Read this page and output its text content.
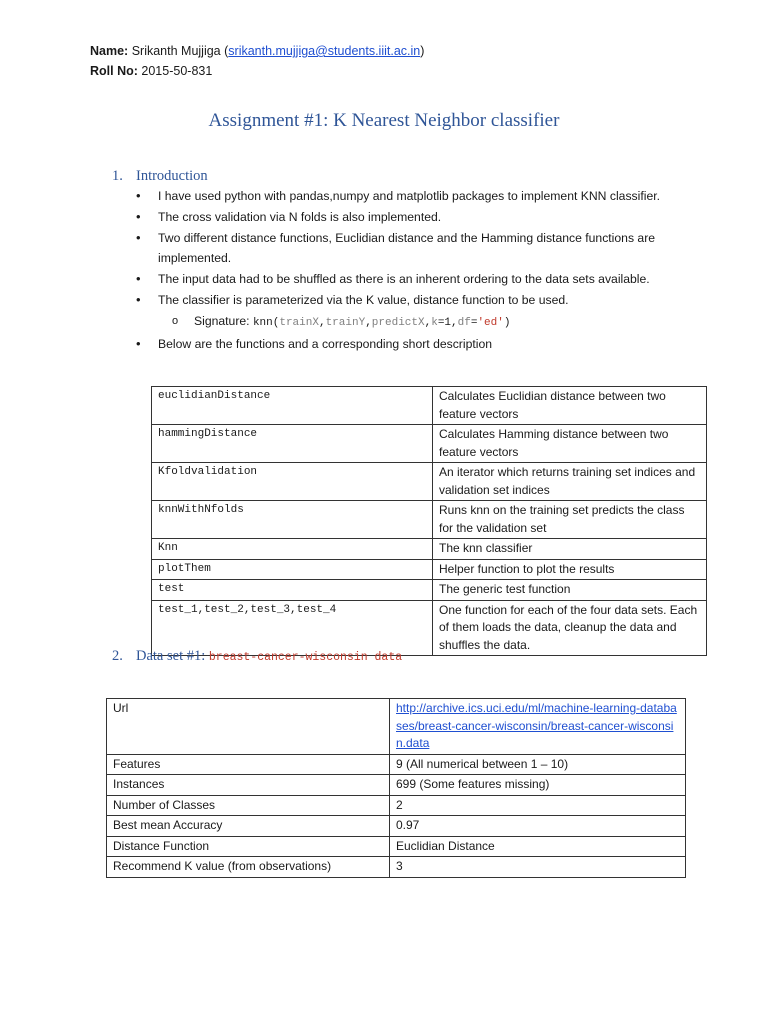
Name: Srikanth Mujjiga (srikanth.mujjiga@students.iiit.ac.in)
Roll No: 2015-50-831
Assignment #1: K Nearest Neighbor classifier
1. Introduction
• I have used python with pandas,numpy and matplotlib packages to implement KNN classifier.
• The cross validation via N folds is also implemented.
• Two different distance functions, Euclidian distance and the Hamming distance functions are implemented.
• The input data had to be shuffled as there is an inherent ordering to the data sets available.
• The classifier is parameterized via the K value, distance function to be used.
o Signature: knn(trainX,trainY,predictX,k=1,df='ed')
• Below are the functions and a corresponding short description
euclidianDistance	Calculates Euclidian distance between two feature vectors
hammingDistance	Calculates Hamming distance between two feature vectors
Kfoldvalidation	An iterator which returns training set indices and validation set indices
knnWithNfolds	Runs knn on the training set predicts the class for the validation set
Knn	The knn classifier
plotThem	Helper function to plot the results
test	The generic test function
test_1,test_2,test_3,test_4	One function for each of the four data sets. Each of them loads the data, cleanup the data and shuffles the data.
2. Data set #1: breast-cancer-wisconsin data
Url	http://archive.ics.uci.edu/ml/machine-learning-databases/breast-cancer-wisconsin/breast-cancer-wisconsin.data
Features	9 (All numerical between 1 – 10)
Instances	699 (Some features missing)
Number of Classes	2
Best mean Accuracy	0.97
Distance Function	Euclidian Distance
Recommend K value (from observations)	3
